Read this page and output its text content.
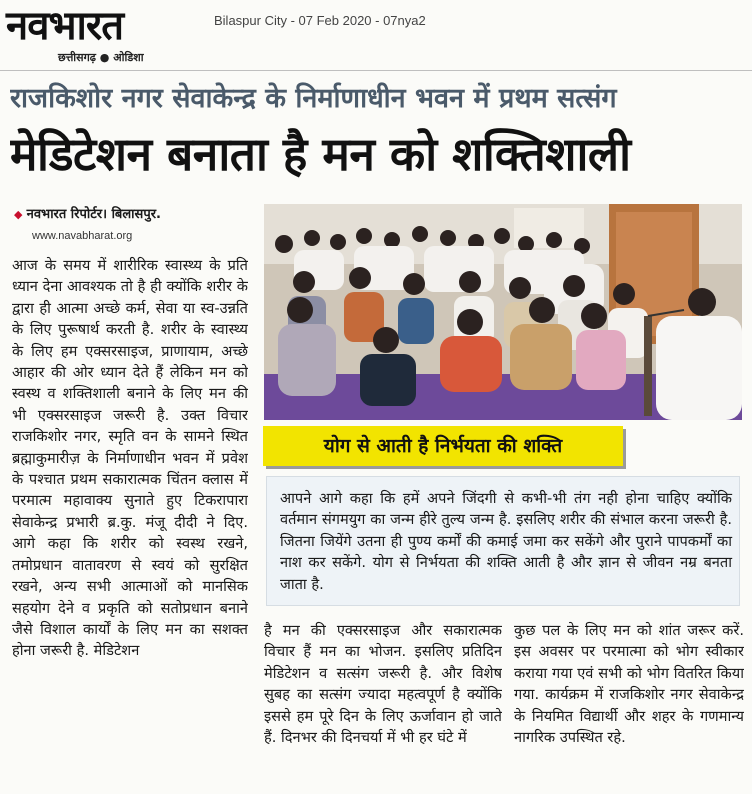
नवभारत
छत्तीसगढ़ ● ओडिशा
Bilaspur City - 07 Feb 2020 - 07nya2
राजकिशोर नगर सेवाकेन्द्र के निर्माणाधीन भवन में प्रथम सत्संग
मेडिटेशन बनाता है मन को शक्तिशाली
◆ नवभारत रिपोर्टर। बिलासपुर.
www.navabharat.org

आज के समय में शारीरिक स्वास्थ्य के प्रति ध्यान देना आवश्यक तो है ही क्योंकि शरीर के द्वारा ही आत्मा अच्छे कर्म, सेवा या स्व-उन्नति के लिए पुरूषार्थ करती है. शरीर के स्वास्थ्य के लिए हम एक्सरसाइज, प्राणायाम, अच्छे आहार की ओर ध्यान देते हैं लेकिन मन को स्वस्थ व शक्तिशाली बनाने के लिए मन की भी एक्सरसाइज जरूरी है. उक्त विचार राजकिशोर नगर, स्मृति वन के सामने स्थित ब्रह्माकुमारीज़ के निर्माणाधीन भवन में प्रवेश के पश्चात प्रथम सकारात्मक चिंतन क्लास में परमात्म महावाक्य सुनाते हुए टिकरापारा सेवाकेन्द्र प्रभारी ब्र.कु. मंजू दीदी ने दिए. आगे कहा कि शरीर को स्वस्थ रखने, तमोप्रधान वातावरण से स्वयं को सुरक्षित रखने, अन्य सभी आत्माओं को मानसिक सहयोग देने व प्रकृति को सतोप्रधान बनाने जैसे विशाल कार्यों के लिए मन का सशक्त होना जरूरी है. मेडिटेशन

योग से आती है निर्भयता की शक्ति
आपने आगे कहा कि हमें अपने जिंदगी से कभी-भी तंग नही होना चाहिए क्योंकि वर्तमान संगमयुग का जन्म हीरे तुल्य जन्म है. इसलिए शरीर की संभाल करना जरूरी है. जितना जियेंगे उतना ही पुण्य कर्मों की कमाई जमा कर सकेंगे और पुराने पापकर्मों का नाश कर सकेंगे. योग से निर्भयता की शक्ति आती है और ज्ञान से जीवन नम्र बनता जाता है.

है मन की एक्सरसाइज और सकारात्मक विचार हैं मन का भोजन. इसलिए प्रतिदिन मेडिटेशन व सत्संग जरूरी है. और विशेष सुबह का सत्संग ज्यादा महत्वपूर्ण है क्योंकि इससे हम पूरे दिन के लिए ऊर्जावान हो जाते हैं. दिनभर की दिनचर्या में भी हर घंटे में

कुछ पल के लिए मन को शांत जरूर करें. इस अवसर पर परमात्मा को भोग स्वीकार कराया गया एवं सभी को भोग वितरित किया गया. कार्यक्रम में राजकिशोर नगर सेवाकेन्द्र के नियमित विद्यार्थी और शहर के गणमान्य नागरिक उपस्थित रहे.
